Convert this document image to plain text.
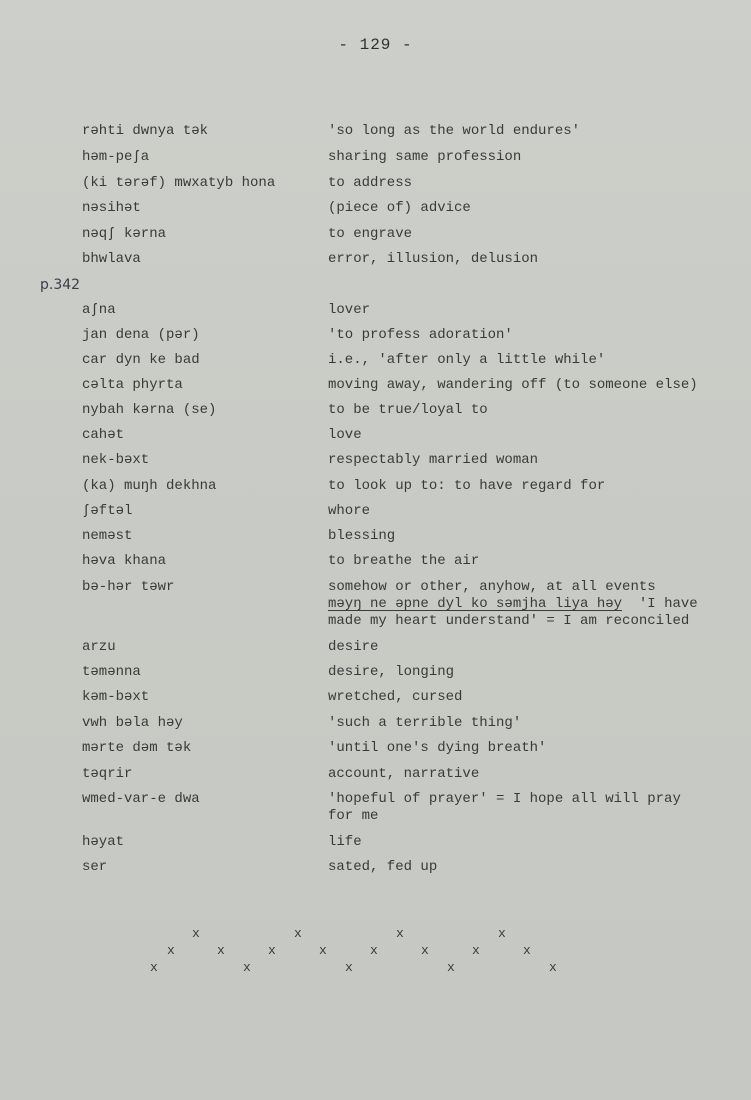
- 129 -
rəhti dwnya tək	'so long as the world endures'
həm-peʃa	sharing same profession
(ki tərəf) mwxatyb hona	to address
nəsihət	(piece of) advice
nəqʃ kərna	to engrave
bhwlava	error, illusion, delusion
p.342
aʃna	lover
jan dena (pər)	'to profess adoration'
car dyn ke bad	i.e., 'after only a little while'
cəlta phyrta	moving away, wandering off (to someone else)
nybah kərna (se)	to be true/loyal to
cahət	love
nek-bəxt	respectably married woman
(ka) muŋh dekhna	to look up to: to have regard for
ʃəftəl	whore
neməst	blessing
həva khana	to breathe the air
bə-hər təwr	somehow or other, anyhow, at all events
məyŋ ne əpne dyl ko səmjha liya həy 'I have
made my heart understand' = I am reconciled
arzu	desire
təmənna	desire, longing
kəm-bəxt	wretched, cursed
vwh bəla həy	'such a terrible thing'
mərte dəm tək	'until one's dying breath'
təqrir	account, narrative
wmed-var-e dwa	'hopeful of prayer' = I hope all will pray
for me
həyat	life
ser	sated, fed up
x	x	x	x
x	x	x	x	x	x	x	x
x	x	x	x	x
